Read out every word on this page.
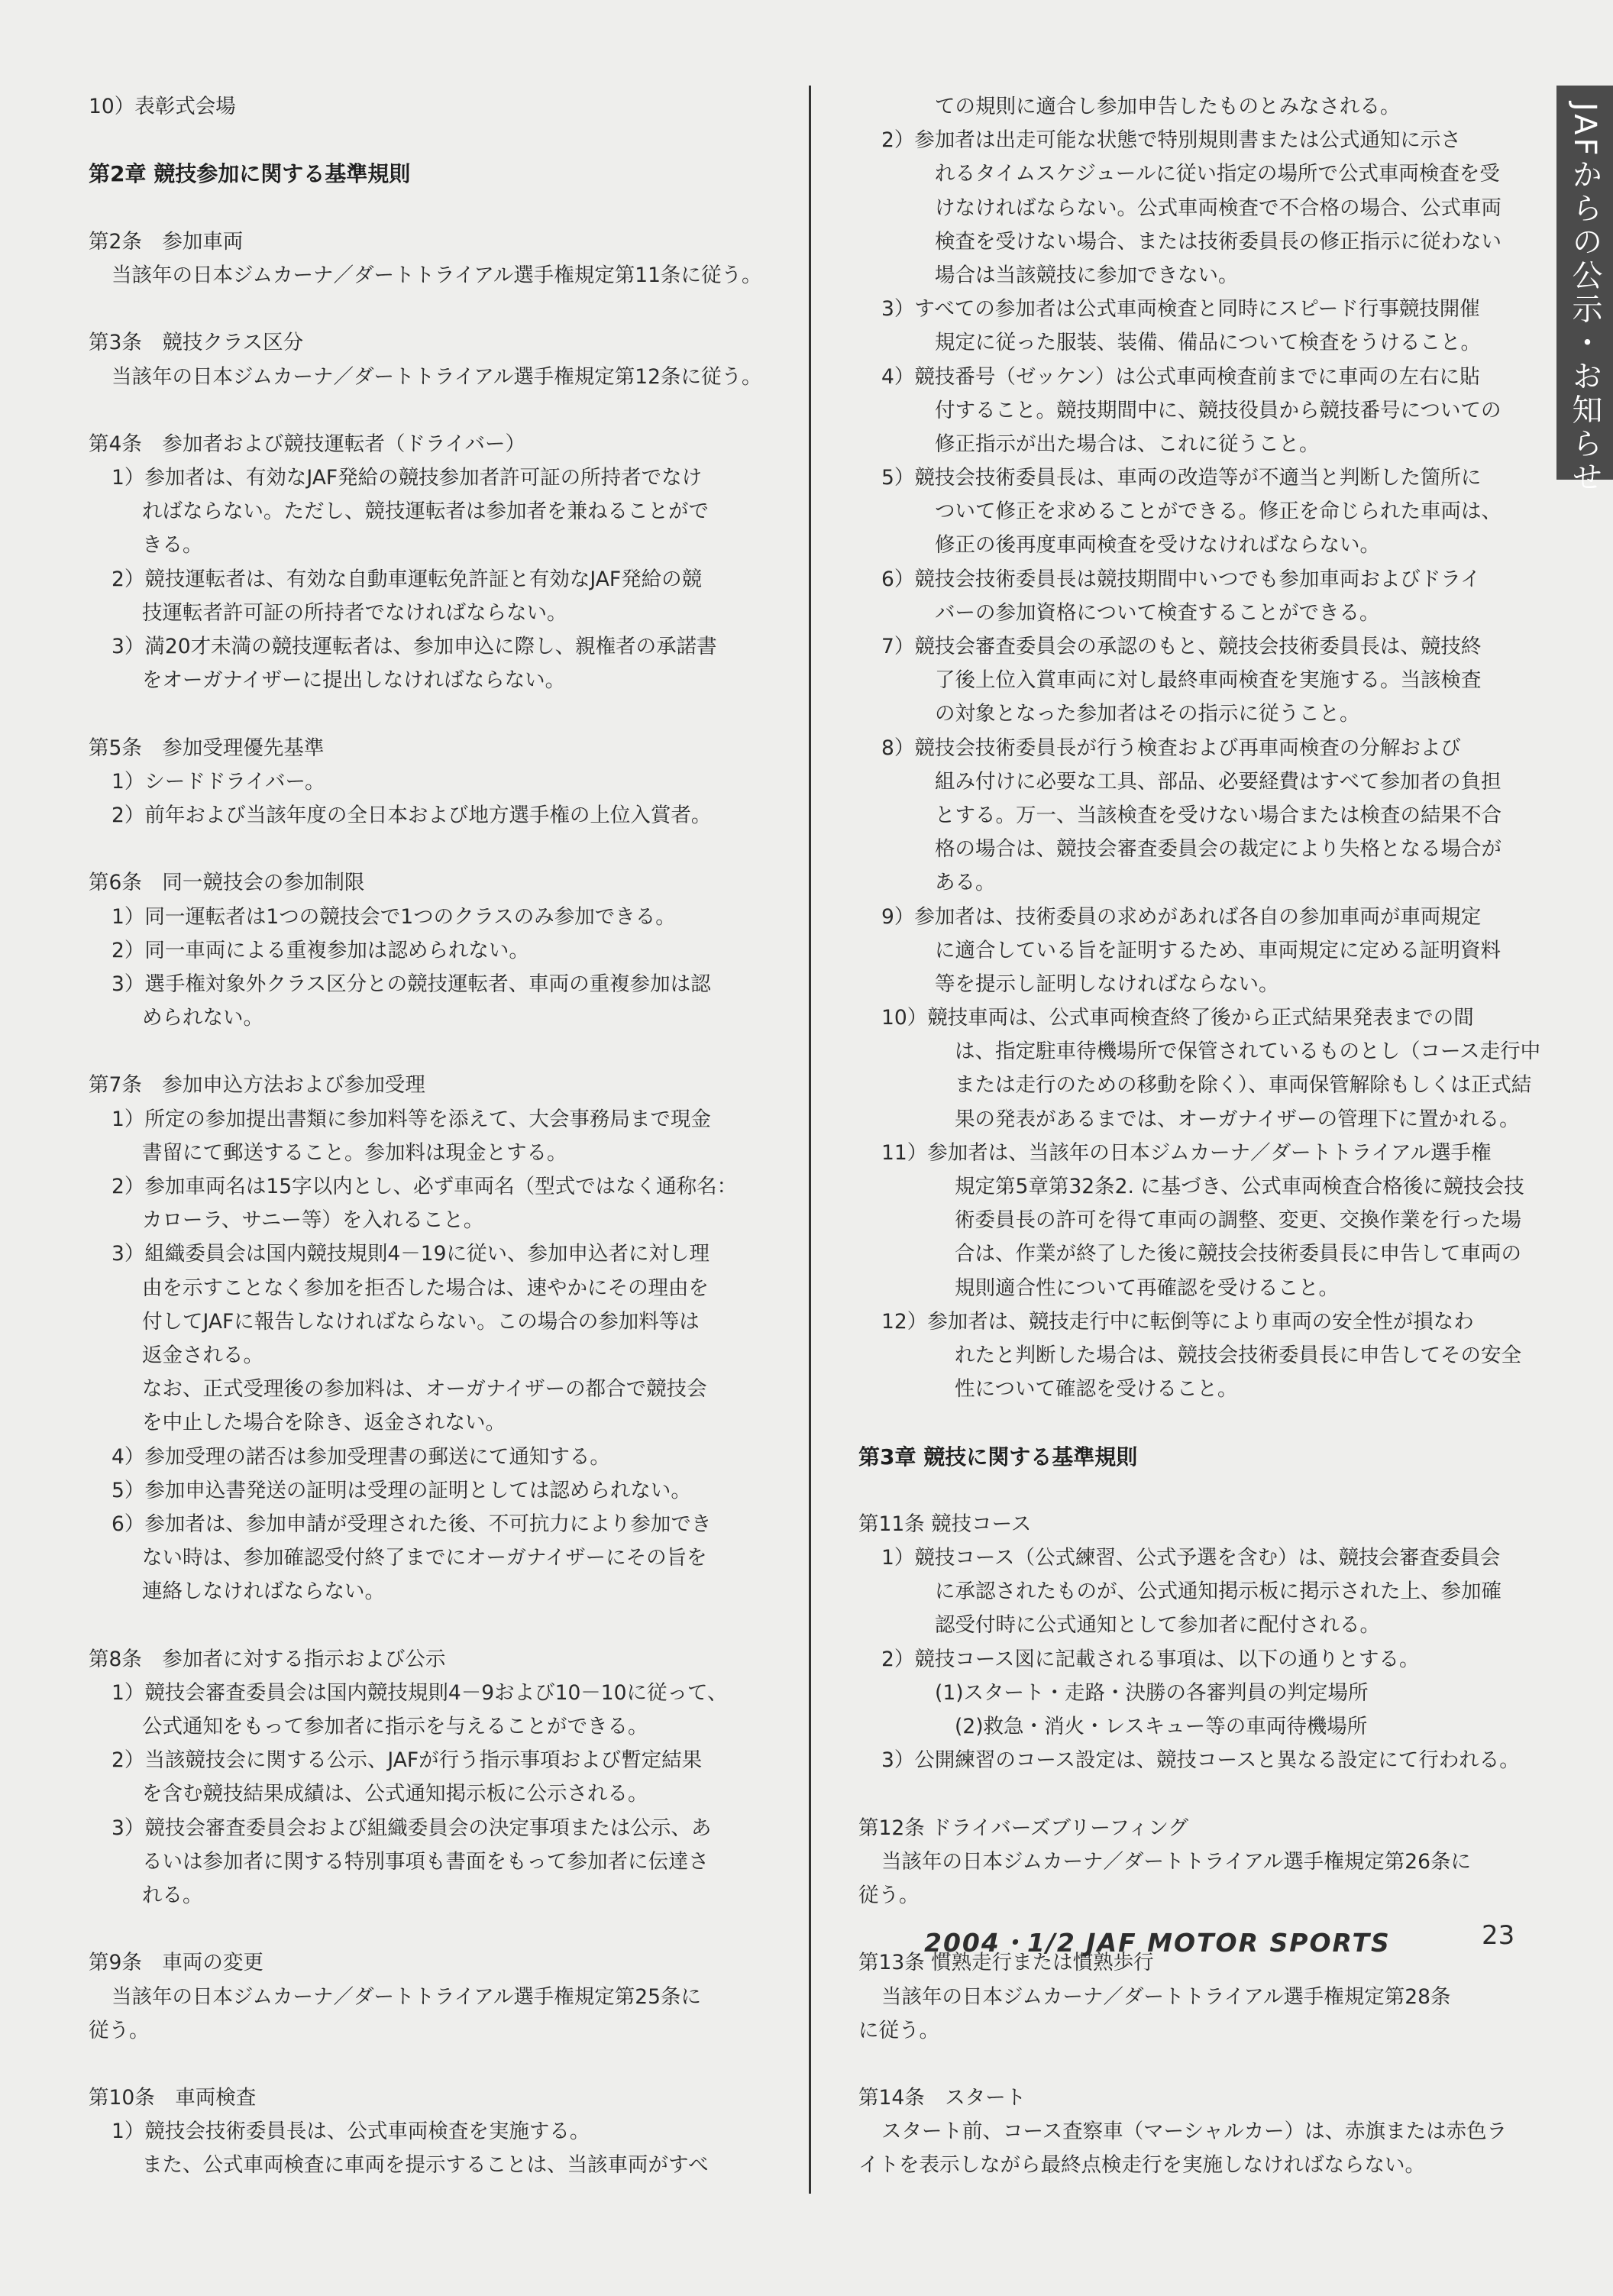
10）表彰式会場
第2章 競技参加に関する基準規則
第2条　参加車両
当該年の日本ジムカーナ／ダートトライアル選手権規定第11条に従う。
第3条　競技クラス区分
当該年の日本ジムカーナ／ダートトライアル選手権規定第12条に従う。
第4条　参加者および競技運転者（ドライバー）
1）参加者は、有効なJAF発給の競技参加者許可証の所持者でなけ
ればならない。ただし、競技運転者は参加者を兼ねることがで
きる。
2）競技運転者は、有効な自動車運転免許証と有効なJAF発給の競
技運転者許可証の所持者でなければならない。
3）満20才未満の競技運転者は、参加申込に際し、親権者の承諾書
をオーガナイザーに提出しなければならない。
第5条　参加受理優先基準
1）シードドライバー。
2）前年および当該年度の全日本および地方選手権の上位入賞者。
第6条　同一競技会の参加制限
1）同一運転者は1つの競技会で1つのクラスのみ参加できる。
2）同一車両による重複参加は認められない。
3）選手権対象外クラス区分との競技運転者、車両の重複参加は認
められない。
第7条　参加申込方法および参加受理
1）所定の参加提出書類に参加料等を添えて、大会事務局まで現金
書留にて郵送すること。参加料は現金とする。
2）参加車両名は15字以内とし、必ず車両名（型式ではなく通称名：
カローラ、サニー等）を入れること。
3）組織委員会は国内競技規則4－19に従い、参加申込者に対し理
由を示すことなく参加を拒否した場合は、速やかにその理由を
付してJAFに報告しなければならない。この場合の参加料等は
返金される。
なお、正式受理後の参加料は、オーガナイザーの都合で競技会
を中止した場合を除き、返金されない。
4）参加受理の諾否は参加受理書の郵送にて通知する。
5）参加申込書発送の証明は受理の証明としては認められない。
6）参加者は、参加申請が受理された後、不可抗力により参加でき
ない時は、参加確認受付終了までにオーガナイザーにその旨を
連絡しなければならない。
第8条　参加者に対する指示および公示
1）競技会審査委員会は国内競技規則4－9および10－10に従って、
公式通知をもって参加者に指示を与えることができる。
2）当該競技会に関する公示、JAFが行う指示事項および暫定結果
を含む競技結果成績は、公式通知掲示板に公示される。
3）競技会審査委員会および組織委員会の決定事項または公示、あ
るいは参加者に関する特別事項も書面をもって参加者に伝達さ
れる。
第9条　車両の変更
当該年の日本ジムカーナ／ダートトライアル選手権規定第25条に
従う。
第10条　車両検査
1）競技会技術委員長は、公式車両検査を実施する。
また、公式車両検査に車両を提示することは、当該車両がすべ
ての規則に適合し参加申告したものとみなされる。
2）参加者は出走可能な状態で特別規則書または公式通知に示さ
れるタイムスケジュールに従い指定の場所で公式車両検査を受
けなければならない。公式車両検査で不合格の場合、公式車両
検査を受けない場合、または技術委員長の修正指示に従わない
場合は当該競技に参加できない。
3）すべての参加者は公式車両検査と同時にスピード行事競技開催
規定に従った服装、装備、備品について検査をうけること。
4）競技番号（ゼッケン）は公式車両検査前までに車両の左右に貼
付すること。競技期間中に、競技役員から競技番号についての
修正指示が出た場合は、これに従うこと。
5）競技会技術委員長は、車両の改造等が不適当と判断した箇所に
ついて修正を求めることができる。修正を命じられた車両は、
修正の後再度車両検査を受けなければならない。
6）競技会技術委員長は競技期間中いつでも参加車両およびドライ
バーの参加資格について検査することができる。
7）競技会審査委員会の承認のもと、競技会技術委員長は、競技終
了後上位入賞車両に対し最終車両検査を実施する。当該検査
の対象となった参加者はその指示に従うこと。
8）競技会技術委員長が行う検査および再車両検査の分解および
組み付けに必要な工具、部品、必要経費はすべて参加者の負担
とする。万一、当該検査を受けない場合または検査の結果不合
格の場合は、競技会審査委員会の裁定により失格となる場合が
ある。
9）参加者は、技術委員の求めがあれば各自の参加車両が車両規定
に適合している旨を証明するため、車両規定に定める証明資料
等を提示し証明しなければならない。
10）競技車両は、公式車両検査終了後から正式結果発表までの間
は、指定駐車待機場所で保管されているものとし（コース走行中
または走行のための移動を除く）、車両保管解除もしくは正式結
果の発表があるまでは、オーガナイザーの管理下に置かれる。
11）参加者は、当該年の日本ジムカーナ／ダートトライアル選手権
規定第5章第32条2. に基づき、公式車両検査合格後に競技会技
術委員長の許可を得て車両の調整、変更、交換作業を行った場
合は、作業が終了した後に競技会技術委員長に申告して車両の
規則適合性について再確認を受けること。
12）参加者は、競技走行中に転倒等により車両の安全性が損なわ
れたと判断した場合は、競技会技術委員長に申告してその安全
性について確認を受けること。
第3章 競技に関する基準規則
第11条 競技コース
1）競技コース（公式練習、公式予選を含む）は、競技会審査委員会
に承認されたものが、公式通知掲示板に掲示された上、参加確
認受付時に公式通知として参加者に配付される。
2）競技コース図に記載される事項は、以下の通りとする。
(1)スタート・走路・決勝の各審判員の判定場所
(2)救急・消火・レスキュー等の車両待機場所
3）公開練習のコース設定は、競技コースと異なる設定にて行われる。
第12条 ドライバーズブリーフィング
当該年の日本ジムカーナ／ダートトライアル選手権規定第26条に
従う。
第13条 慣熟走行または慣熟歩行
当該年の日本ジムカーナ／ダートトライアル選手権規定第28条
に従う。
第14条　スタート
スタート前、コース査察車（マーシャルカー）は、赤旗または赤色ラ
イトを表示しながら最終点検走行を実施しなければならない。
JAFからの公示・お知らせ
2004・1/2 JAF MOTOR SPORTS	23
